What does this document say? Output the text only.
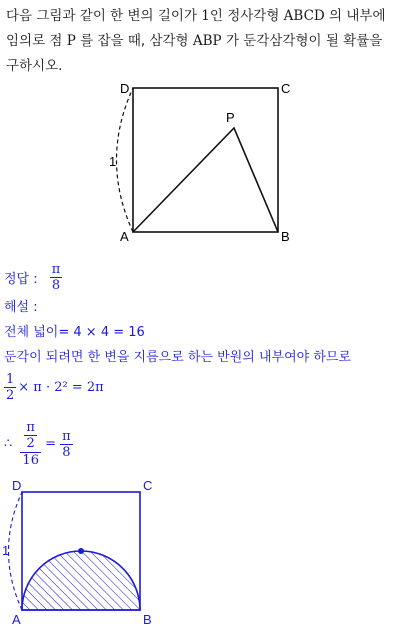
다음 그림과 같이 한 변의 길이가 1인 정사각형 ABCD 의 내부에
임의로 점 P 를 잡을 때, 삼각형 ABP 가 둔각삼각형이 될 확률을
구하시오.
D	C
A	B
P
1
정답 : $\frac{\pi}{8}$
해설 :
전체 넓이= 4 × 4 = 16
둔각이 되려면 한 변을 지름으로 하는 반원의 내부여야 하므로
$\frac{1}{2} \times \pi \cdot 2^2 = 2\pi$
∴ $\frac{\frac{\pi}{2}}{16} = \frac{\pi}{8}$
D	C
A	B
1
